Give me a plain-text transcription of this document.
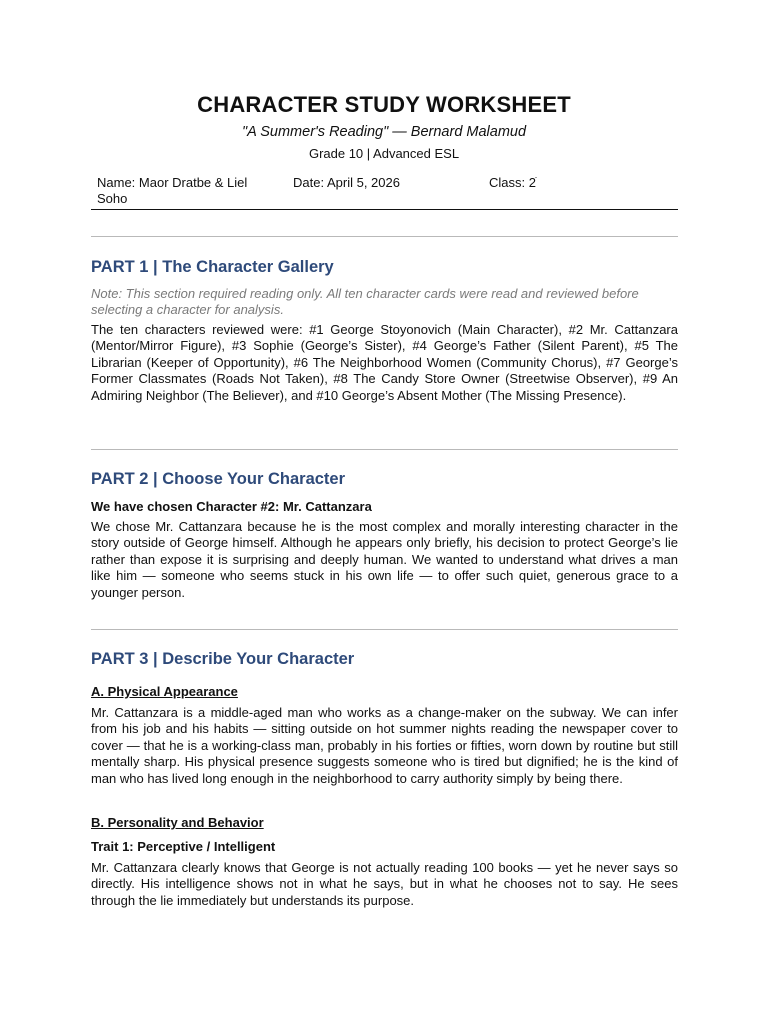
CHARACTER STUDY WORKSHEET
"A Summer's Reading" — Bernard Malamud
Grade 10 | Advanced ESL
Name: Maor Dratbe & Liel Soho
Date: April 5, 2026	Class: 2ׁ
PART 1 | The Character Gallery

Note: This section required reading only. All ten character cards were read and reviewed before selecting a character for analysis.

The ten characters reviewed were: #1 George Stoyonovich (Main Character), #2 Mr. Cattanzara (Mentor/Mirror Figure), #3 Sophie (George’s Sister), #4 George’s Father (Silent Parent), #5 The Librarian (Keeper of Opportunity), #6 The Neighborhood Women (Community Chorus), #7 George’s Former Classmates (Roads Not Taken), #8 The Candy Store Owner (Streetwise Observer), #9 An Admiring Neighbor (The Believer), and #10 George’s Absent Mother (The Missing Presence).

PART 2 | Choose Your Character
We have chosen Character #2: Mr. Cattanzara

We chose Mr. Cattanzara because he is the most complex and morally interesting character in the story outside of George himself. Although he appears only briefly, his decision to protect George’s lie rather than expose it is surprising and deeply human. We wanted to understand what drives a man like him — someone who seems stuck in his own life — to offer such quiet, generous grace to a younger person.

PART 3 | Describe Your Character
A. Physical Appearance

Mr. Cattanzara is a middle-aged man who works as a change-maker on the subway. We can infer from his job and his habits — sitting outside on hot summer nights reading the newspaper cover to cover — that he is a working-class man, probably in his forties or fifties, worn down by routine but still mentally sharp. His physical presence suggests someone who is tired but dignified; he is the kind of man who has lived long enough in the neighborhood to carry authority simply by being there.

B. Personality and Behavior
Trait 1: Perceptive / Intelligent

Mr. Cattanzara clearly knows that George is not actually reading 100 books — yet he never says so directly. His intelligence shows not in what he says, but in what he chooses not to say. He sees through the lie immediately but understands its purpose.
